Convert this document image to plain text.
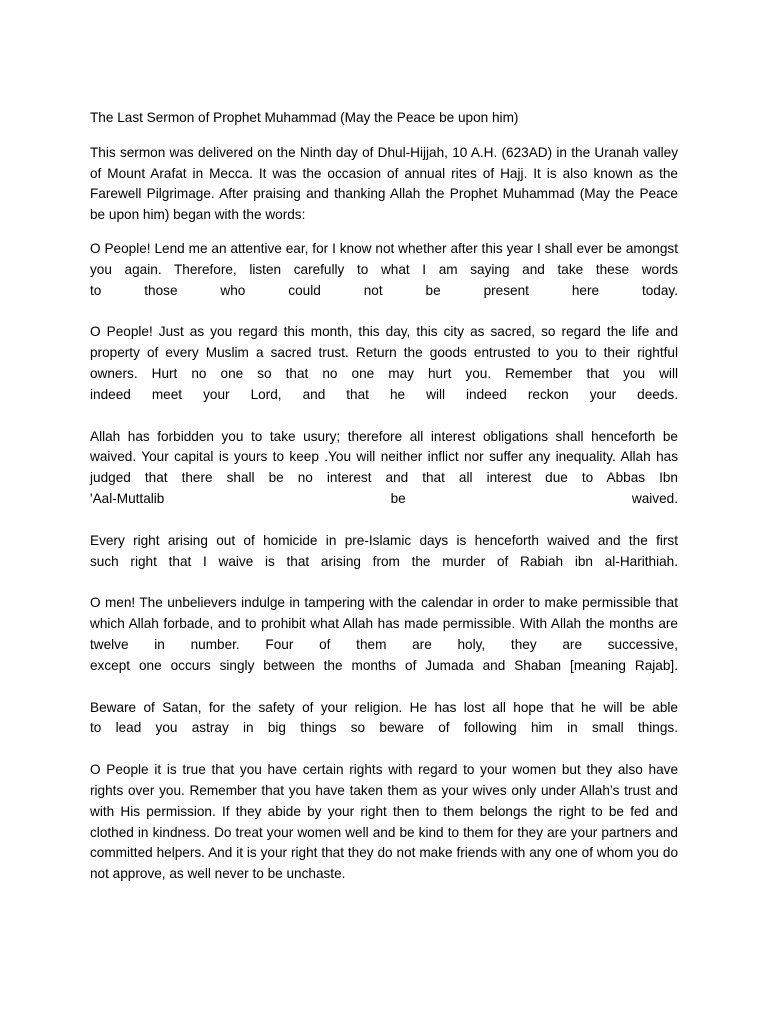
The Last Sermon of Prophet Muhammad (May the Peace be upon him)
This sermon was delivered on the Ninth day of Dhul-Hijjah, 10 A.H. (623AD) in the Uranah valley of Mount Arafat in Mecca. It was the occasion of annual rites of Hajj. It is also known as the Farewell Pilgrimage. After praising and thanking Allah the Prophet Muhammad (May the Peace be upon him) began with the words:
O People! Lend me an attentive ear, for I know not whether after this year I shall ever be amongst you again. Therefore, listen carefully to what I am saying and take these words
to those who could not be present here today.
O People! Just as you regard this month, this day, this city as sacred, so regard the life and property of every Muslim a sacred trust. Return the goods entrusted to you to their rightful owners. Hurt no one so that no one may hurt you. Remember that you will
indeed meet your Lord, and that he will indeed reckon your deeds.
Allah has forbidden you to take usury; therefore all interest obligations shall henceforth be waived. Your capital is yours to keep .You will neither inflict nor suffer any inequality. Allah has judged that there shall be no interest and that all interest due to Abbas Ibn
'Aal-Muttalib be waived.
Every right arising out of homicide in pre-Islamic days is henceforth waived and the first
such right that I waive is that arising from the murder of Rabiah ibn al-Harithiah.
O men! The unbelievers indulge in tampering with the calendar in order to make permissible that which Allah forbade, and to prohibit what Allah has made permissible. With Allah the months are twelve in number. Four of them are holy, they are successive,
except one occurs singly between the months of Jumada and Shaban [meaning Rajab].
Beware of Satan, for the safety of your religion. He has lost all hope that he will be able
to lead you astray in big things so beware of following him in small things.
O People it is true that you have certain rights with regard to your women but they also have rights over you. Remember that you have taken them as your wives only under Allah’s trust and with His permission. If they abide by your right then to them belongs the right to be fed and clothed in kindness. Do treat your women well and be kind to them for they are your partners and committed helpers. And it is your right that they do not make friends with any one of whom you do not approve, as well never to be unchaste.
